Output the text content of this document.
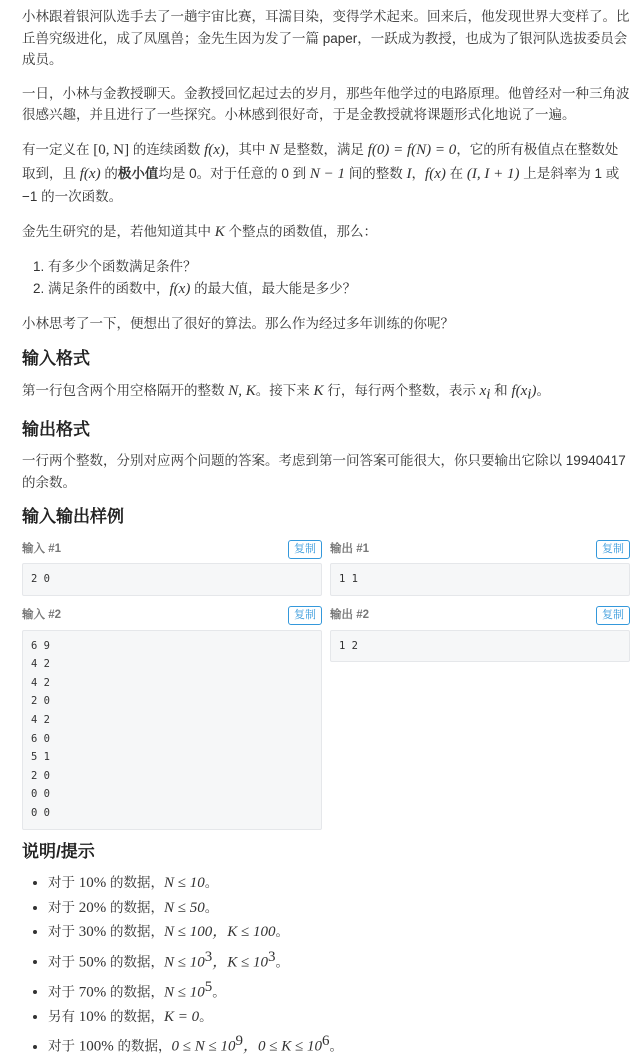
小林跟着银河队选手去了一趟宇宙比赛，耳濡目染，变得学术起来。回来后，他发现世界大变样了。比丘兽究级进化，成了凤凰兽；金先生因为发了一篇 paper，一跃成为教授，也成为了银河队选拔委员会成员。

一日，小林与金教授聊天。金教授回忆起过去的岁月，那些年他学过的电路原理。他曾经对一种三角波很感兴趣，并且进行了一些探究。小林感到很好奇，于是金教授就将课题形式化地说了一遍。

有一定义在 [0, N] 的连续函数 f(x)，其中 N 是整数，满足 f(0) = f(N) = 0，它的所有极值点在整数处取到，且 f(x) 的极小值均是 0。对于任意的 0 到 N − 1 间的整数 I，f(x) 在 (I, I + 1) 上是斜率为 1 或 −1 的一次函数。

金先生研究的是，若他知道其中 K 个整点的函数值，那么：

1. 有多少个函数满足条件？
2. 满足条件的函数中，f(x) 的最大值，最大能是多少？

小林思考了一下，便想出了很好的算法。那么作为经过多年训练的你呢？

输入格式

第一行包含两个用空格隔开的整数 N, K。接下来 K 行，每行两个整数，表示 $x_i$ 和 $f(x_i)$。

输出格式

一行两个整数，分别对应两个问题的答案。考虑到第一问答案可能很大，你只要输出它除以 19940417 的余数。

输入输出样例
输入 #1	复制
2 0
输出 #1	复制
1 1
输入 #2	复制
6 9
4 2
4 2
2 0
4 2
6 0
5 1
2 0
0 0
0 0
输出 #2	复制
1 2
说明/提示
• 对于 10% 的数据，N ≤ 10。
• 对于 20% 的数据，N ≤ 50。
• 对于 30% 的数据，N ≤ 100，K ≤ 100。
• 对于 50% 的数据，$N \le 10^3$，$K \le 10^3$。
• 对于 70% 的数据，$N \le 10^5$。
• 另有 10% 的数据，K = 0。
• 对于 100% 的数据，$0 \le N \le 10^9$，$0 \le K \le 10^6$。
